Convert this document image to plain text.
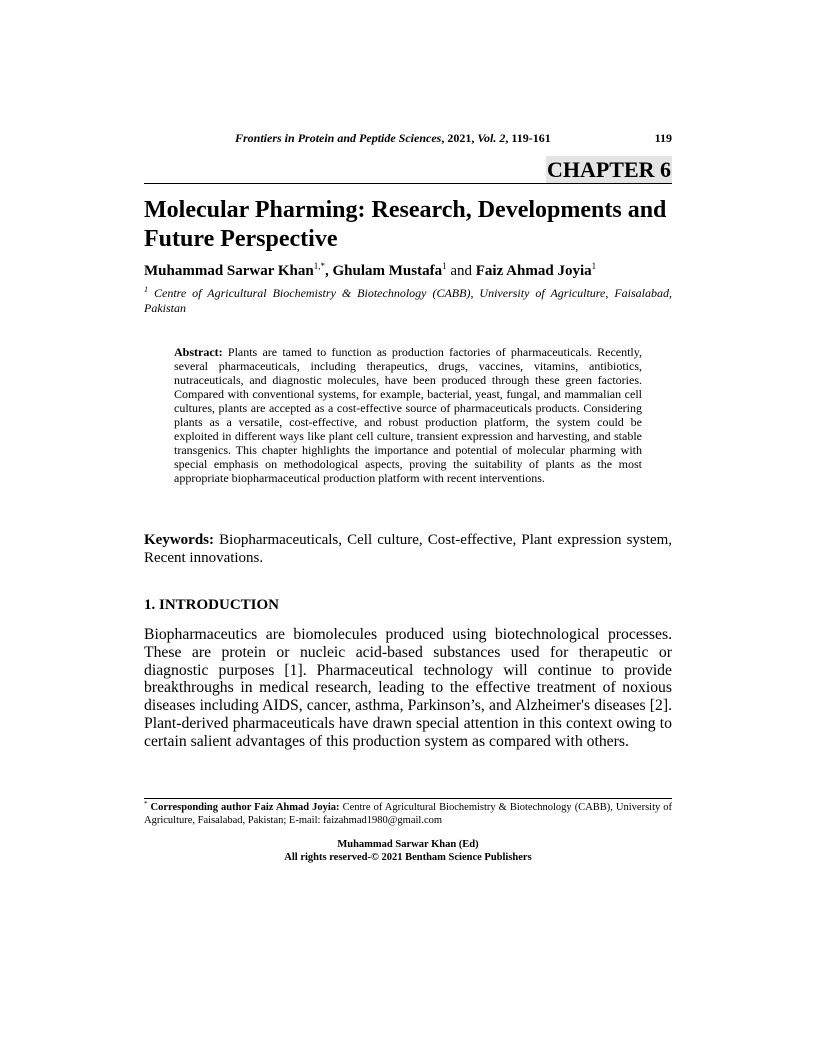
Frontiers in Protein and Peptide Sciences, 2021, Vol. 2, 119-161	119
CHAPTER 6
Molecular Pharming: Research, Developments and Future Perspective
Muhammad Sarwar Khan$^{1,*}$, Ghulam Mustafa$^1$ and Faiz Ahmad Joyia$^1$
$^1$ Centre of Agricultural Biochemistry & Biotechnology (CABB), University of Agriculture, Faisalabad, Pakistan

Abstract: Plants are tamed to function as production factories of pharmaceuticals. Recently, several pharmaceuticals, including therapeutics, drugs, vaccines, vitamins, antibiotics, nutraceuticals, and diagnostic molecules, have been produced through these green factories. Compared with conventional systems, for example, bacterial, yeast, fungal, and mammalian cell cultures, plants are accepted as a cost-effective source of pharmaceuticals products. Considering plants as a versatile, cost-effective, and robust production platform, the system could be exploited in different ways like plant cell culture, transient expression and harvesting, and stable transgenics. This chapter highlights the importance and potential of molecular pharming with special emphasis on methodological aspects, proving the suitability of plants as the most appropriate biopharmaceutical production platform with recent interventions.

Keywords: Biopharmaceuticals, Cell culture, Cost-effective, Plant expression system, Recent innovations.

1. INTRODUCTION

Biopharmaceutics are biomolecules produced using biotechnological processes. These are protein or nucleic acid-based substances used for therapeutic or diagnostic purposes [1]. Pharmaceutical technology will continue to provide breakthroughs in medical research, leading to the effective treatment of noxious diseases including AIDS, cancer, asthma, Parkinson’s, and Alzheimer's diseases [2]. Plant-derived pharmaceuticals have drawn special attention in this context owing to certain salient advantages of this production system as compared with others.

* Corresponding author Faiz Ahmad Joyia: Centre of Agricultural Biochemistry & Biotechnology (CABB), University of Agriculture, Faisalabad, Pakistan; E-mail: faizahmad1980@gmail.com

Muhammad Sarwar Khan (Ed)
All rights reserved-© 2021 Bentham Science Publishers
